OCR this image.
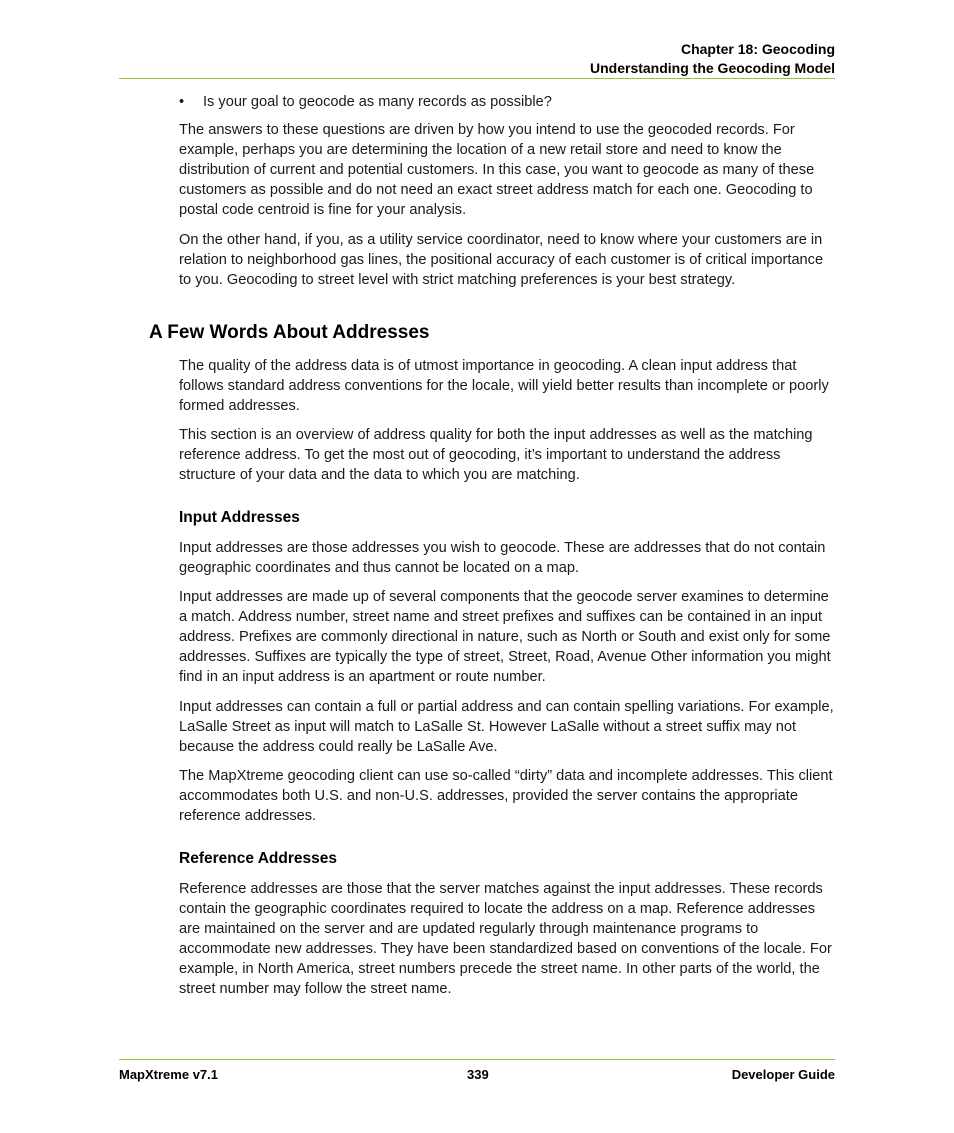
Chapter 18: Geocoding
Understanding the Geocoding Model
• Is your goal to geocode as many records as possible?

The answers to these questions are driven by how you intend to use the geocoded records. For example, perhaps you are determining the location of a new retail store and need to know the distribution of current and potential customers. In this case, you want to geocode as many of these customers as possible and do not need an exact street address match for each one. Geocoding to postal code centroid is fine for your analysis.

On the other hand, if you, as a utility service coordinator, need to know where your customers are in relation to neighborhood gas lines, the positional accuracy of each customer is of critical importance to you. Geocoding to street level with strict matching preferences is your best strategy.

A Few Words About Addresses

The quality of the address data is of utmost importance in geocoding. A clean input address that follows standard address conventions for the locale, will yield better results than incomplete or poorly formed addresses.

This section is an overview of address quality for both the input addresses as well as the matching reference address. To get the most out of geocoding, it’s important to understand the address structure of your data and the data to which you are matching.

Input Addresses

Input addresses are those addresses you wish to geocode. These are addresses that do not contain geographic coordinates and thus cannot be located on a map.

Input addresses are made up of several components that the geocode server examines to determine a match. Address number, street name and street prefixes and suffixes can be contained in an input address. Prefixes are commonly directional in nature, such as North or South and exist only for some addresses. Suffixes are typically the type of street, Street, Road, Avenue Other information you might find in an input address is an apartment or route number.

Input addresses can contain a full or partial address and can contain spelling variations. For example, LaSalle Street as input will match to LaSalle St. However LaSalle without a street suffix may not because the address could really be LaSalle Ave.

The MapXtreme geocoding client can use so-called “dirty” data and incomplete addresses. This client accommodates both U.S. and non-U.S. addresses, provided the server contains the appropriate reference addresses.

Reference Addresses

Reference addresses are those that the server matches against the input addresses. These records contain the geographic coordinates required to locate the address on a map. Reference addresses are maintained on the server and are updated regularly through maintenance programs to accommodate new addresses. They have been standardized based on conventions of the locale. For example, in North America, street numbers precede the street name. In other parts of the world, the street number may follow the street name.

MapXtreme v7.1	339	Developer Guide
